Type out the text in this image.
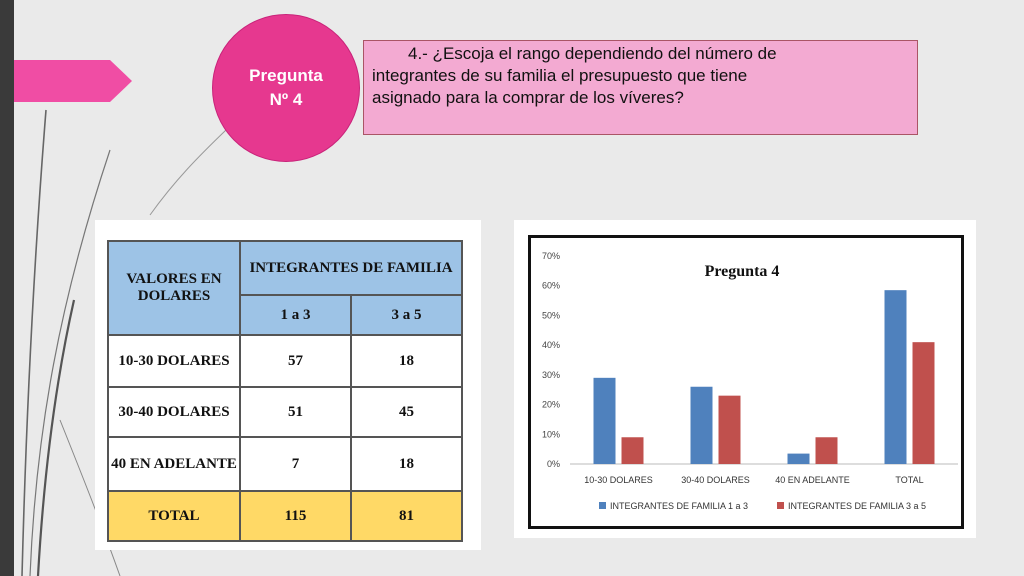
Pregunta
Nº 4
4.- ¿Escoja el rango dependiendo del número de
integrantes de su familia el presupuesto que tiene
asignado para la comprar de los víveres?
VALORES EN DOLARES	INTEGRANTES DE FAMILIA	
	1 a 3	3 a 5
10-30 DOLARES	57	18
30-40 DOLARES	51	45
40 EN ADELANTE	7	18
TOTAL	115	81
Pregunta 4
0%
10%
20%
30%
40%
50%
60%
70%
10-30 DOLARES	30-40 DOLARES	40 EN ADELANTE	TOTAL
INTEGRANTES DE FAMILIA 1 a 3	INTEGRANTES DE FAMILIA 3 a 5
